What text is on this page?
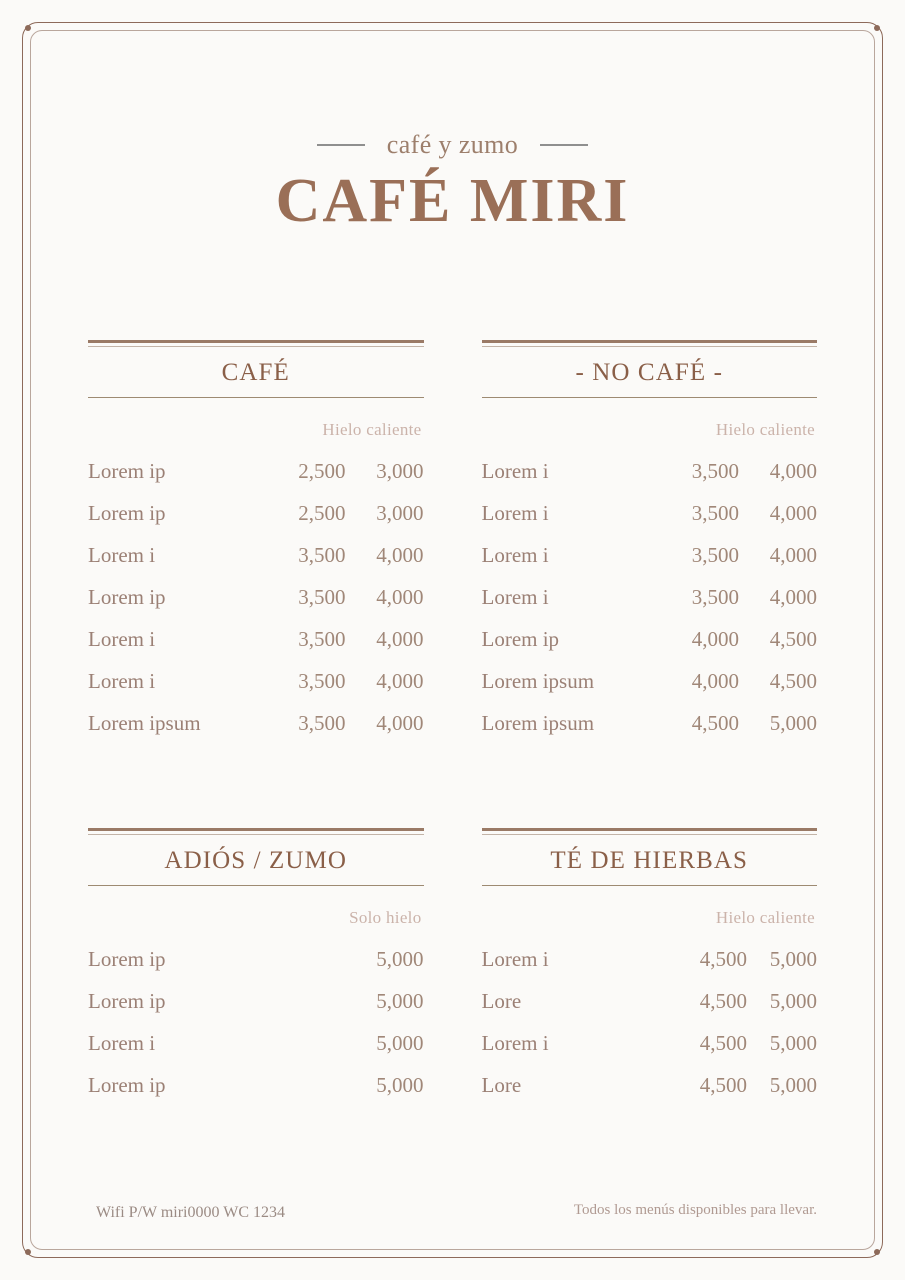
café y zumo
CAFÉ MIRI
CAFÉ
Hielo caliente
Lorem ip	2,500	3,000
Lorem ip	2,500	3,000
Lorem i	3,500	4,000
Lorem ip	3,500	4,000
Lorem i	3,500	4,000
Lorem i	3,500	4,000
Lorem ipsum	3,500	4,000
- NO CAFÉ -
Hielo caliente
Lorem i	3,500	4,000
Lorem i	3,500	4,000
Lorem i	3,500	4,000
Lorem i	3,500	4,000
Lorem ip	4,000	4,500
Lorem ipsum	4,000	4,500
Lorem ipsum	4,500	5,000
ADIÓS / ZUMO
Solo hielo
Lorem ip	5,000
Lorem ip	5,000
Lorem i	5,000
Lorem ip	5,000
TÉ DE HIERBAS
Hielo caliente
Lorem i	4,500	5,000
Lore	4,500	5,000
Lorem i	4,500	5,000
Lore	4,500	5,000
Wifi P/W miri0000 WC 1234	Todos los menús disponibles para llevar.
